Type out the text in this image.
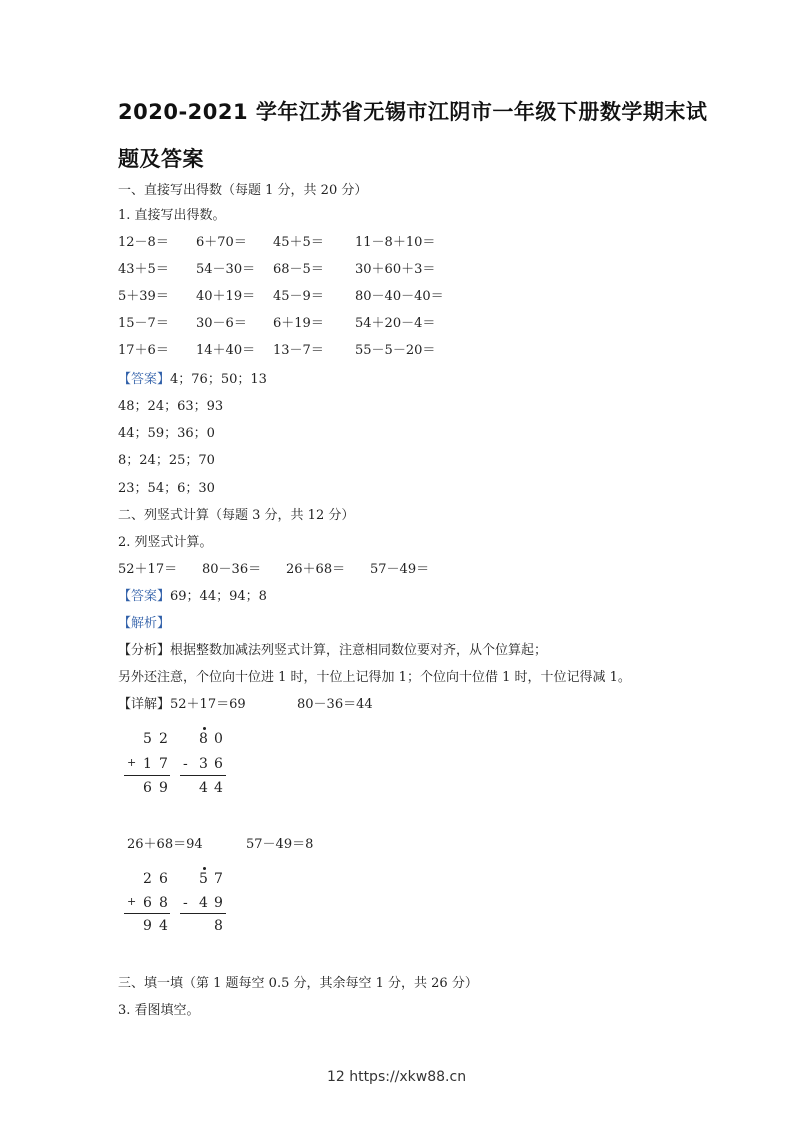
2020-2021 学年江苏省无锡市江阴市一年级下册数学期末试
题及答案
一、直接写出得数（每题 1 分，共 20 分）
1. 直接写出得数。
12－8＝ 6＋70＝ 45＋5＝ 11－8＋10＝
43＋5＝ 54－30＝ 68－5＝ 30＋60＋3＝
5＋39＝ 40＋19＝ 45－9＝ 80－40－40＝
15－7＝ 30－6＝ 6＋19＝ 54＋20－4＝
17＋6＝ 14＋40＝ 13－7＝ 55－5－20＝
【答案】4；76；50；13
48；24；63；93
44；59；36；0
8；24；25；70
23；54；6；30
二、列竖式计算（每题 3 分，共 12 分）
2. 列竖式计算。
52＋17＝ 80－36＝ 26＋68＝ 57－49＝
【答案】69；44；94；8
【解析】
【分析】根据整数加减法列竖式计算，注意相同数位要对齐，从个位算起；
另外还注意，个位向十位进 1 时，十位上记得加 1；个位向十位借 1 时，十位记得减 1。
【详解】52＋17＝69	80－36＝44
5 2
+ 1 7
6 9
8 0
- 3 6
4 4
26＋68＝94	57－49＝8
2 6
+ 6 8
9 4
5 7
- 4 9
8
三、填一填（第 1 题每空 0.5 分，其余每空 1 分，共 26 分）
3. 看图填空。
12 https://xkw88.cn
